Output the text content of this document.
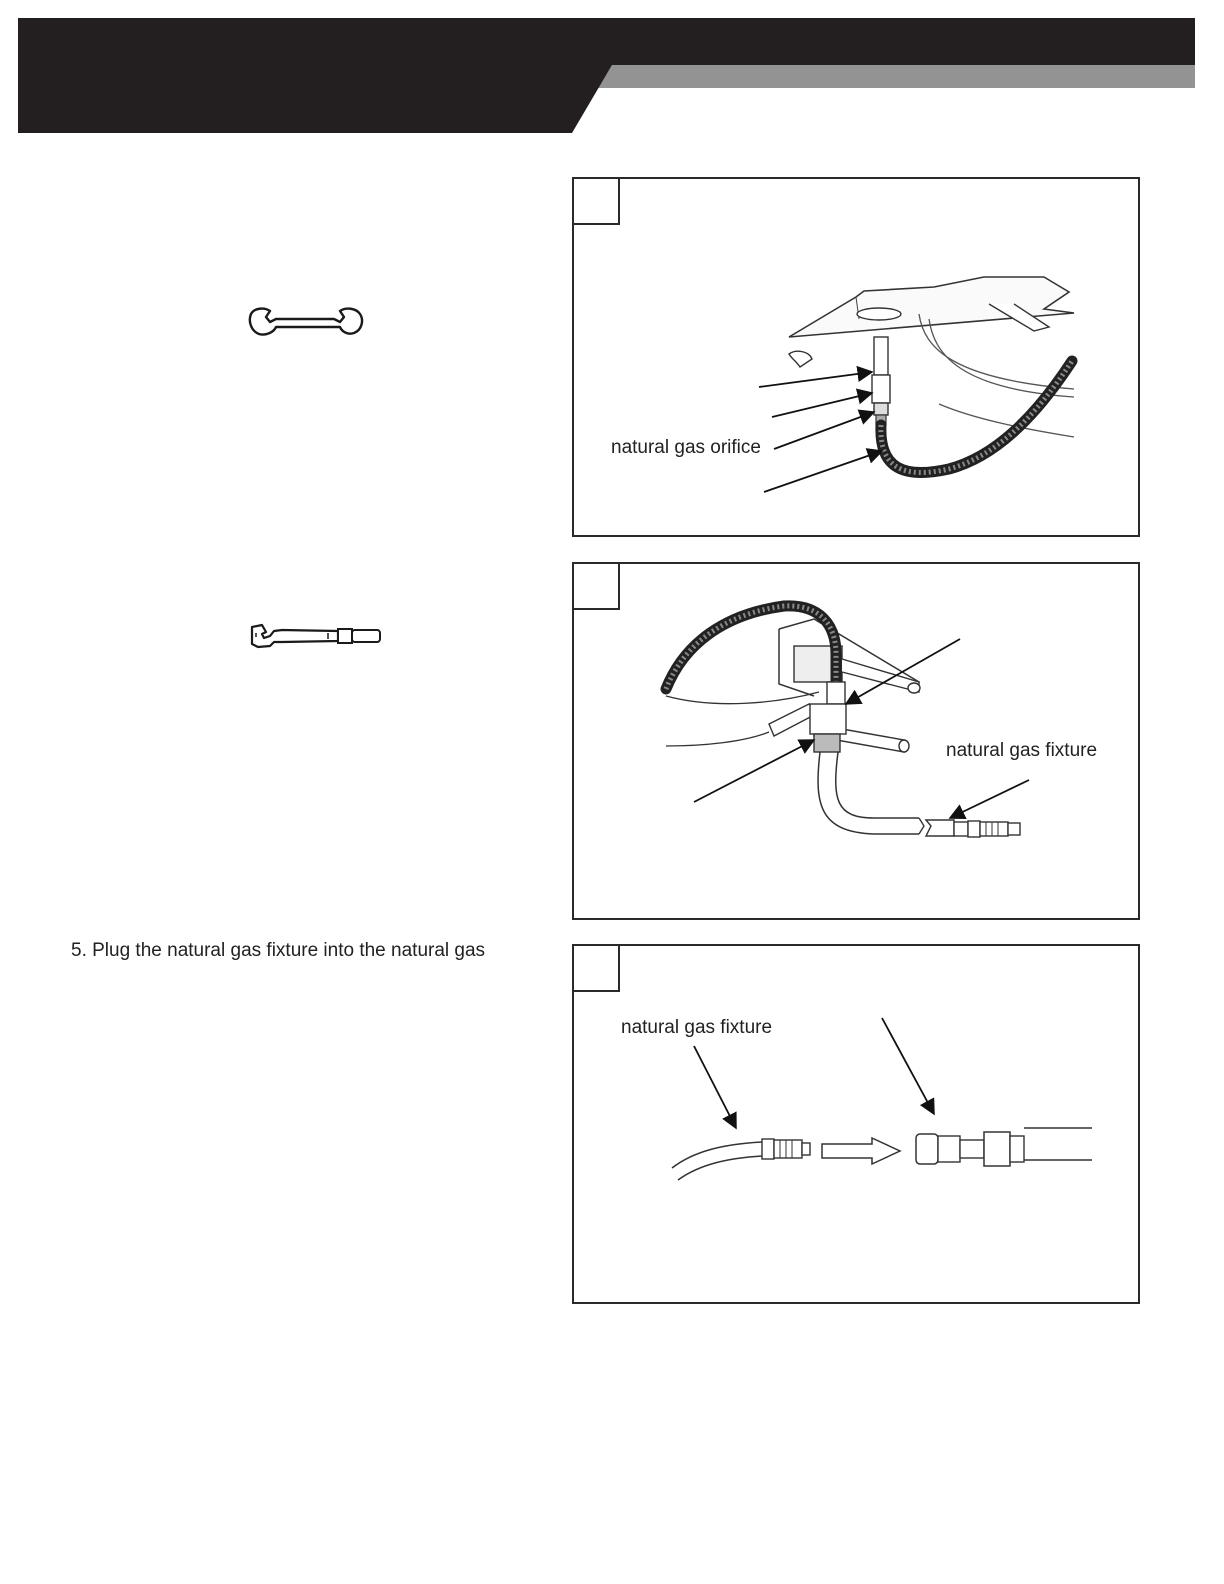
5. Plug the natural gas fixture into the natural gas
natural gas orifice
natural gas fixture
natural gas fixture
